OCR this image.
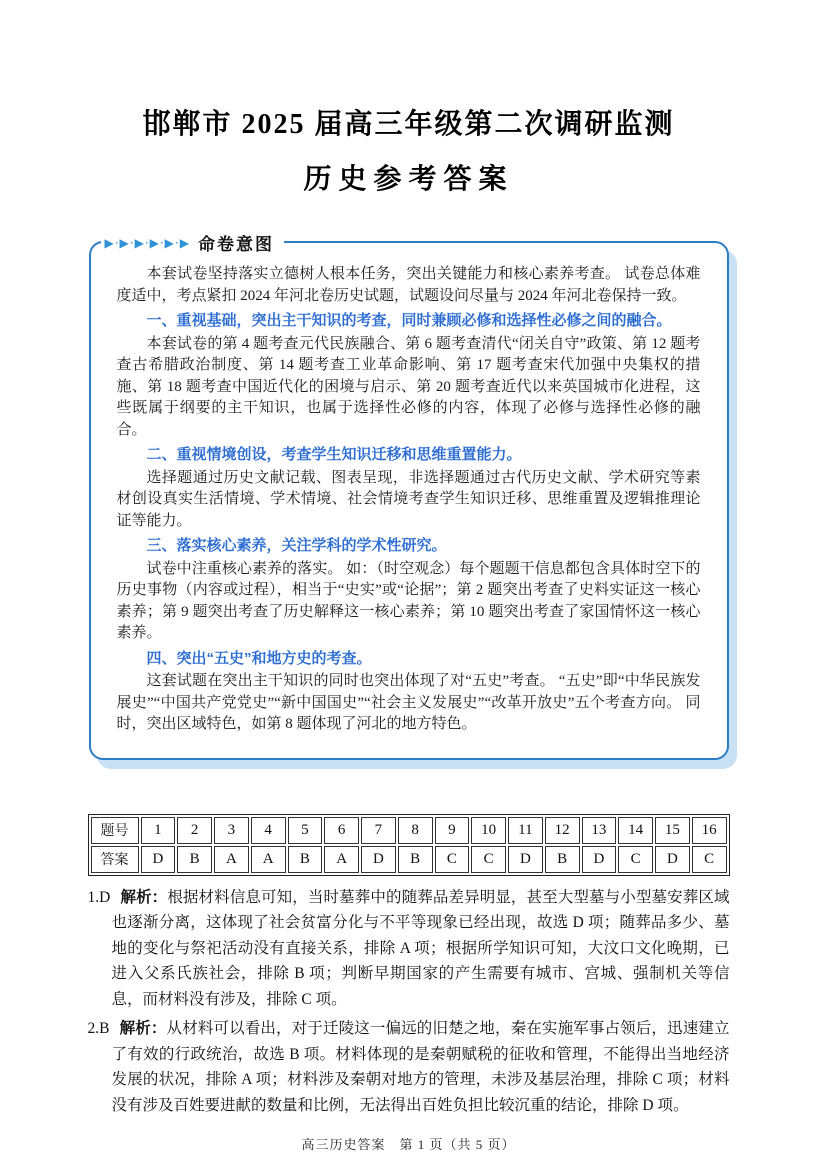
邯郸市 2025 届高三年级第二次调研监测
历史参考答案
▶·▶·▶·▶·▶·▶ 命卷意图

本套试卷坚持落实立德树人根本任务，突出关键能力和核心素养考查。 试卷总体难度适中，考点紧扣 2024 年河北卷历史试题，试题设问尽量与 2024 年河北卷保持一致。

一、重视基础，突出主干知识的考查，同时兼顾必修和选择性必修之间的融合。

本套试卷的第 4 题考查元代民族融合、第 6 题考查清代“闭关自守”政策、第 12 题考查古希腊政治制度、第 14 题考查工业革命影响、第 17 题考查宋代加强中央集权的措施、第 18 题考查中国近代化的困境与启示、第 20 题考查近代以来英国城市化进程，这些既属于纲要的主干知识，也属于选择性必修的内容，体现了必修与选择性必修的融合。

二、重视情境创设，考查学生知识迁移和思维重置能力。

选择题通过历史文献记载、图表呈现，非选择题通过古代历史文献、学术研究等素材创设真实生活情境、学术情境、社会情境考查学生知识迁移、思维重置及逻辑推理论证等能力。

三、落实核心素养，关注学科的学术性研究。

试卷中注重核心素养的落实。 如：（时空观念）每个题题干信息都包含具体时空下的历史事物（内容或过程），相当于“史实”或“论据”；第 2 题突出考查了史料实证这一核心素养；第 9 题突出考查了历史解释这一核心素养；第 10 题突出考查了家国情怀这一核心素养。

四、突出“五史”和地方史的考查。

这套试题在突出主干知识的同时也突出体现了对“五史”考查。 “五史”即“中华民族发展史”“中国共产党党史”“新中国国史”“社会主义发展史”“改革开放史”五个考查方向。 同时，突出区域特色，如第 8 题体现了河北的地方特色。

题号	1	2	3	4	5	6	7	8	9	10	11	12	13	14	15	16
答案	D	B	A	A	B	A	D	B	C	C	D	B	D	C	D	C

1.D 解析：根据材料信息可知，当时墓葬中的随葬品差异明显，甚至大型墓与小型墓安葬区域也逐渐分离，这体现了社会贫富分化与不平等现象已经出现，故选 D 项；随葬品多少、墓地的变化与祭祀活动没有直接关系，排除 A 项；根据所学知识可知，大汶口文化晚期，已进入父系氏族社会，排除 B 项；判断早期国家的产生需要有城市、宫城、强制机关等信息，而材料没有涉及，排除 C 项。

2.B 解析：从材料可以看出，对于迁陵这一偏远的旧楚之地，秦在实施军事占领后，迅速建立了有效的行政统治，故选 B 项。材料体现的是秦朝赋税的征收和管理，不能得出当地经济发展的状况，排除 A 项；材料涉及秦朝对地方的管理，未涉及基层治理，排除 C 项；材料没有涉及百姓要进献的数量和比例，无法得出百姓负担比较沉重的结论，排除 D 项。

高三历史答案　第 1 页（共 5 页）
